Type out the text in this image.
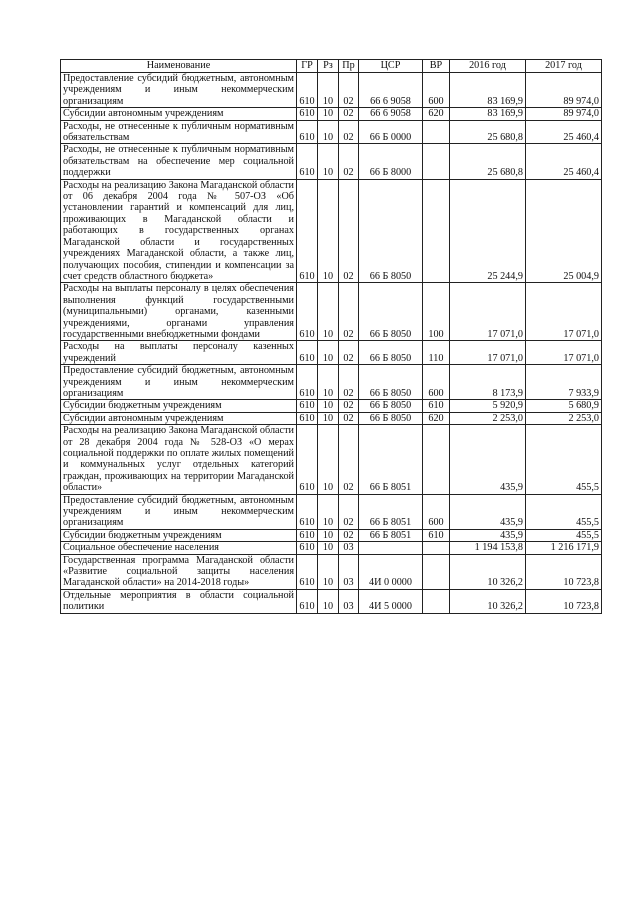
Наименование	ГР	Рз	Пр	ЦСР	ВР	2016 год	2017 год
Предоставление субсидий бюджетным, автономным учреждениям и иным некоммерческим организациям	610	10	02	66 6 9058	600	83 169,9	89 974,0
Субсидии автономным учреждениям	610	10	02	66 6 9058	620	83 169,9	89 974,0
Расходы, не отнесенные к публичным нормативным обязательствам	610	10	02	66 Б 0000		25 680,8	25 460,4
Расходы, не отнесенные к публичным нормативным обязательствам на обеспечение мер социальной поддержки	610	10	02	66 Б 8000		25 680,8	25 460,4
Расходы на реализацию Закона Магаданской области от 06 декабря 2004 года № 507-ОЗ «Об установлении гарантий и компенсаций для лиц, проживающих в Магаданской области и работающих в государственных органах Магаданской области и государственных учреждениях Магаданской области, а также лиц, получающих пособия, стипендии и компенсации за счет средств областного бюджета»	610	10	02	66 Б 8050		25 244,9	25 004,9
Расходы на выплаты персоналу в целях обеспечения выполнения функций государственными (муниципальными) органами, казенными учреждениями, органами управления государственными внебюджетными фондами	610	10	02	66 Б 8050	100	17 071,0	17 071,0
Расходы на выплаты персоналу казенных учреждений	610	10	02	66 Б 8050	110	17 071,0	17 071,0
Предоставление субсидий бюджетным, автономным учреждениям и иным некоммерческим организациям	610	10	02	66 Б 8050	600	8 173,9	7 933,9
Субсидии бюджетным учреждениям	610	10	02	66 Б 8050	610	5 920,9	5 680,9
Субсидии автономным учреждениям	610	10	02	66 Б 8050	620	2 253,0	2 253,0
Расходы на реализацию Закона Магаданской области от 28 декабря 2004 года № 528-ОЗ «О мерах социальной поддержки по оплате жилых помещений и коммунальных услуг отдельных категорий граждан, проживающих на территории Магаданской области»	610	10	02	66 Б 8051		435,9	455,5
Предоставление субсидий бюджетным, автономным учреждениям и иным некоммерческим организациям	610	10	02	66 Б 8051	600	435,9	455,5
Субсидии бюджетным учреждениям	610	10	02	66 Б 8051	610	435,9	455,5
Социальное обеспечение населения	610	10	03			1 194 153,8	1 216 171,9
Государственная программа Магаданской области «Развитие социальной защиты населения Магаданской области» на 2014-2018 годы»	610	10	03	4И 0 0000		10 326,2	10 723,8
Отдельные мероприятия в области социальной политики	610	10	03	4И 5 0000		10 326,2	10 723,8
